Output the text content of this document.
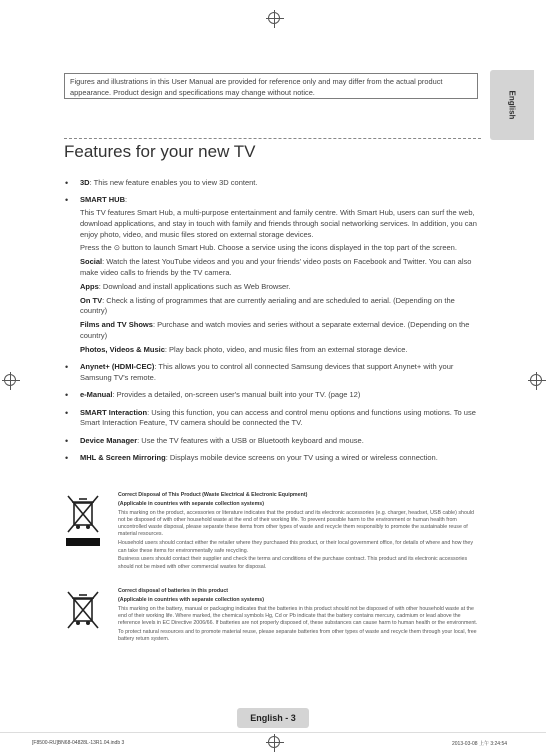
Figures and illustrations in this User Manual are provided for reference only and may differ from the actual product appearance. Product design and specifications may change without notice.	English
Features for your new TV
• 3D: This new feature enables you to view 3D content.
• SMART HUB:

This TV features Smart Hub, a multi-purpose entertainment and family centre. With Smart Hub, users can surf the web, download applications, and stay in touch with family and friends through social networking services. In addition, you can enjoy photo, video, and music files stored on external storage devices.

Press the ⊙ button to launch Smart Hub. Choose a service using the icons displayed in the top part of the screen.

Social: Watch the latest YouTube videos and you and your friends' video posts on Facebook and Twitter. You can also make video calls to friends by the TV camera.

Apps: Download and install applications such as Web Browser.

On TV: Check a listing of programmes that are currently aerialing and are scheduled to aerial. (Depending on the country)

Films and TV Shows: Purchase and watch movies and series without a separate external device. (Depending on the country)

Photos, Videos & Music: Play back photo, video, and music files from an external storage device.

• Anynet+ (HDMI-CEC): This allows you to control all connected Samsung devices that support Anynet+ with your Samsung TV's remote.
• e-Manual: Provides a detailed, on-screen user's manual built into your TV. (page 12)
• SMART Interaction: Using this function, you can access and control menu options and functions using motions. To use Smart Interaction Feature, TV camera should be connected the TV.
• Device Manager: Use the TV features with a USB or Bluetooth keyboard and mouse.
• MHL & Screen Mirroring: Displays mobile device screens on your TV using a wired or wireless connection.

Correct Disposal of This Product (Waste Electrical & Electronic Equipment)

(Applicable in countries with separate collection systems)

This marking on the product, accessories or literature indicates that the product and its electronic accessories (e.g. charger, headset, USB cable) should not be disposed of with other household waste at the end of their working life. To prevent possible harm to the environment or human health from uncontrolled waste disposal, please separate these items from other types of waste and recycle them responsibly to promote the sustainable reuse of material resources.

Household users should contact either the retailer where they purchased this product, or their local government office, for details of where and how they can take these items for environmentally safe recycling.

Business users should contact their supplier and check the terms and conditions of the purchase contract. This product and its electronic accessories should not be mixed with other commercial wastes for disposal.

Correct disposal of batteries in this product

(Applicable in countries with separate collection systems)

This marking on the battery, manual or packaging indicates that the batteries in this product should not be disposed of with other household waste at the end of their working life. Where marked, the chemical symbols Hg, Cd or Pb indicate that the battery contains mercury, cadmium or lead above the reference levels in EC Directive 2006/66. If batteries are not properly disposed of, these substances can cause harm to human health or the environment.

To protect natural resources and to promote material reuse, please separate batteries from other types of waste and recycle them through your local, free battery return system.

English - 3
[F8500-RU]BN68-04828L-13R1.04.indb 3	2013-03-08 上午 3:24:54
